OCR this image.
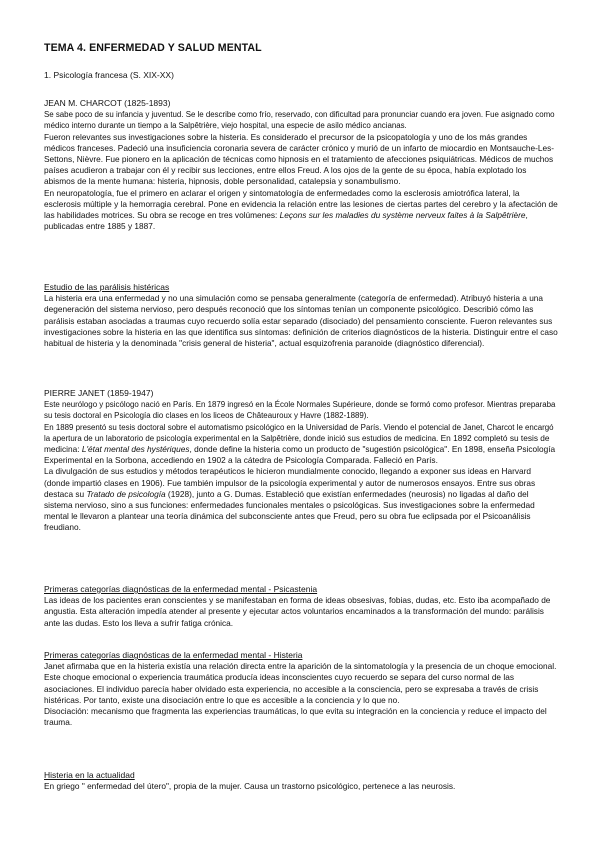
TEMA 4. ENFERMEDAD Y SALUD MENTAL
1. Psicología francesa (S. XIX-XX)

JEAN M. CHARCOT (1825-1893)

Se sabe poco de su infancia y juventud. Se le describe como frío, reservado, con dificultad para pronunciar cuando era joven. Fue asignado como médico interno durante un tiempo a la Salpêtrière, viejo hospital, una especie de asilo médico ancianas.

Fueron relevantes sus investigaciones sobre la histeria. Es considerado el precursor de la psicopatología y uno de los más grandes médicos franceses. Padeció una insuficiencia coronaria severa de carácter crónico y murió de un infarto de miocardio en Montsauche-Les-Settons, Nièvre. Fue pionero en la aplicación de técnicas como hipnosis en el tratamiento de afecciones psiquiátricas. Médicos de muchos países acudieron a trabajar con él y recibir sus lecciones, entre ellos Freud. A los ojos de la gente de su época, había explotado los abismos de la mente humana: histeria, hipnosis, doble personalidad, catalepsia y sonambulismo.

En neuropatología, fue el primero en aclarar el origen y sintomatología de enfermedades como la esclerosis amiotrófica lateral, la esclerosis múltiple y la hemorragia cerebral. Pone en evidencia la relación entre las lesiones de ciertas partes del cerebro y la afectación de las habilidades motrices. Su obra se recoge en tres volúmenes: Leçons sur les maladies du système nerveux faites à la Salpêtrière, publicadas entre 1885 y 1887.

Estudio de las parálisis histéricas

La histeria era una enfermedad y no una simulación como se pensaba generalmente (categoría de enfermedad). Atribuyó histeria a una degeneración del sistema nervioso, pero después reconoció que los síntomas tenían un componente psicológico. Describió cómo las parálisis estaban asociadas a traumas cuyo recuerdo solía estar separado (disociado) del pensamiento consciente. Fueron relevantes sus investigaciones sobre la histeria en las que identifica sus síntomas: definición de criterios diagnósticos de la histeria. Distinguir entre el caso habitual de histeria y la denominada "crisis general de histeria", actual esquizofrenia paranoide (diagnóstico diferencial).

PIERRE JANET (1859-1947)

Este neurólogo y psicólogo nació en París. En 1879 ingresó en la École Normales Supérieure, donde se formó como profesor. Mientras preparaba su tesis doctoral en Psicología dio clases en los liceos de Châteauroux y Havre (1882-1889).

En 1889 presentó su tesis doctoral sobre el automatismo psicológico en la Universidad de París. Viendo el potencial de Janet, Charcot le encargó la apertura de un laboratorio de psicología experimental en la Salpêtrière, donde inició sus estudios de medicina. En 1892 completó su tesis de medicina: L'état mental des hystériques, donde define la histeria como un producto de "sugestión psicológica". En 1898, enseña Psicología Experimental en la Sorbona, accediendo en 1902 a la cátedra de Psicología Comparada. Falleció en París.

La divulgación de sus estudios y métodos terapéuticos le hicieron mundialmente conocido, llegando a exponer sus ideas en Harvard (donde impartió clases en 1906). Fue también impulsor de la psicología experimental y autor de numerosos ensayos. Entre sus obras destaca su Tratado de psicología (1928), junto a G. Dumas. Estableció que existían enfermedades (neurosis) no ligadas al daño del sistema nervioso, sino a sus funciones: enfermedades funcionales mentales o psicológicas. Sus investigaciones sobre la enfermedad mental le llevaron a plantear una teoría dinámica del subconsciente antes que Freud, pero su obra fue eclipsada por el Psicoanálisis freudiano.

Primeras categorías diagnósticas de la enfermedad mental - Psicastenia

Las ideas de los pacientes eran conscientes y se manifestaban en forma de ideas obsesivas, fobias, dudas, etc. Esto iba acompañado de angustia. Esta alteración impedía atender al presente y ejecutar actos voluntarios encaminados a la transformación del mundo: parálisis ante las dudas. Esto los lleva a sufrir fatiga crónica.

Primeras categorías diagnósticas de la enfermedad mental - Histeria

Janet afirmaba que en la histeria existía una relación directa entre la aparición de la sintomatología y la presencia de un choque emocional. Este choque emocional o experiencia traumática producía ideas inconscientes cuyo recuerdo se separa del curso normal de las asociaciones. El individuo parecía haber olvidado esta experiencia, no accesible a la consciencia, pero se expresaba a través de crisis histéricas. Por tanto, existe una disociación entre lo que es accesible a la conciencia y lo que no.

Disociación: mecanismo que fragmenta las experiencias traumáticas, lo que evita su integración en la conciencia y reduce el impacto del trauma.

Histeria en la actualidad

En griego " enfermedad del útero", propia de la mujer. Causa un trastorno psicológico, pertenece a las neurosis.
